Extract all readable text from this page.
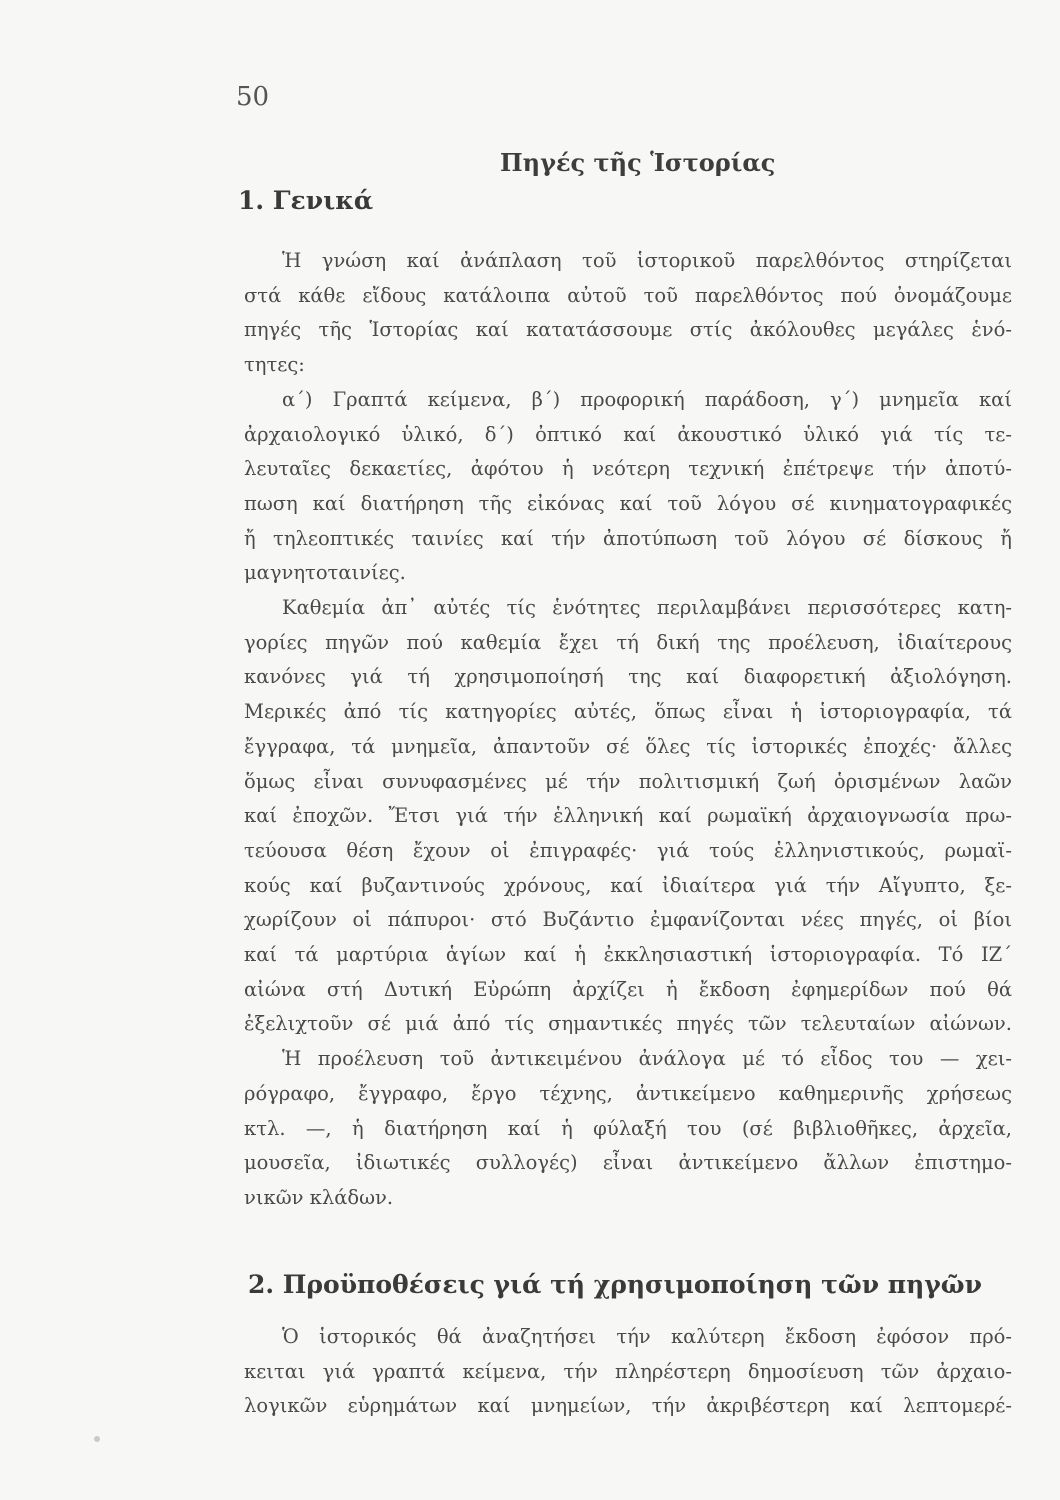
50
Πηγές τῆς Ἱστορίας
1. Γενικά
Ἡ γνώση καί ἀνάπλαση τοῦ ἱστορικοῦ παρελθόντος στηρίζεται
στά κάθε εἴδους κατάλοιπα αὐτοῦ τοῦ παρελθόντος πού ὀνομάζουμε
πηγές τῆς Ἱστορίας καί κατατάσσουμε στίς ἀκόλουθες μεγάλες ἑνό-
τητες:
α΄) Γραπτά κείμενα, β΄) προφορική παράδοση, γ΄) μνημεῖα καί
ἀρχαιολογικό ὑλικό, δ΄) ὀπτικό καί ἀκουστικό ὑλικό γιά τίς τε-
λευταῖες δεκαετίες, ἀφότου ἡ νεότερη τεχνική ἐπέτρεψε τήν ἀποτύ-
πωση καί διατήρηση τῆς εἰκόνας καί τοῦ λόγου σέ κινηματογραφικές
ἤ τηλεοπτικές ταινίες καί τήν ἀποτύπωση τοῦ λόγου σέ δίσκους ἤ
μαγνητοταινίες.
Καθεμία ἀπ᾽ αὐτές τίς ἑνότητες περιλαμβάνει περισσότερες κατη-
γορίες πηγῶν πού καθεμία ἔχει τή δική της προέλευση, ἰδιαίτερους
κανόνες γιά τή χρησιμοποίησή της καί διαφορετική ἀξιολόγηση.
Μερικές ἀπό τίς κατηγορίες αὐτές, ὅπως εἶναι ἡ ἱστοριογραφία, τά
ἔγγραφα, τά μνημεῖα, ἀπαντοῦν σέ ὅλες τίς ἱστορικές ἐποχές· ἄλλες
ὅμως εἶναι συνυφασμένες μέ τήν πολιτισμική ζωή ὁρισμένων λαῶν
καί ἐποχῶν. Ἔτσι γιά τήν ἑλληνική καί ρωμαϊκή ἀρχαιογνωσία πρω-
τεύουσα θέση ἔχουν οἱ ἐπιγραφές· γιά τούς ἑλληνιστικούς, ρωμαϊ-
κούς καί βυζαντινούς χρόνους, καί ἰδιαίτερα γιά τήν Αἴγυπτο, ξε-
χωρίζουν οἱ πάπυροι· στό Βυζάντιο ἐμφανίζονται νέες πηγές, οἱ βίοι
καί τά μαρτύρια ἁγίων καί ἡ ἐκκλησιαστική ἱστοριογραφία. Τό ΙΖ΄
αἰώνα στή Δυτική Εὐρώπη ἀρχίζει ἡ ἔκδοση ἐφημερίδων πού θά
ἐξελιχτοῦν σέ μιά ἀπό τίς σημαντικές πηγές τῶν τελευταίων αἰώνων.
Ἡ προέλευση τοῦ ἀντικειμένου ἀνάλογα μέ τό εἶδος του — χει-
ρόγραφο, ἔγγραφο, ἔργο τέχνης, ἀντικείμενο καθημερινῆς χρήσεως
κτλ. —, ἡ διατήρηση καί ἡ φύλαξή του (σέ βιβλιοθῆκες, ἀρχεῖα,
μουσεῖα, ἰδιωτικές συλλογές) εἶναι ἀντικείμενο ἄλλων ἐπιστημο-
νικῶν κλάδων.
2. Προϋποθέσεις γιά τή χρησιμοποίηση τῶν πηγῶν
Ὁ ἱστορικός θά ἀναζητήσει τήν καλύτερη ἔκδοση ἐφόσον πρό-
κειται γιά γραπτά κείμενα, τήν πληρέστερη δημοσίευση τῶν ἀρχαιο-
λογικῶν εὑρημάτων καί μνημείων, τήν ἀκριβέστερη καί λεπτομερέ-
